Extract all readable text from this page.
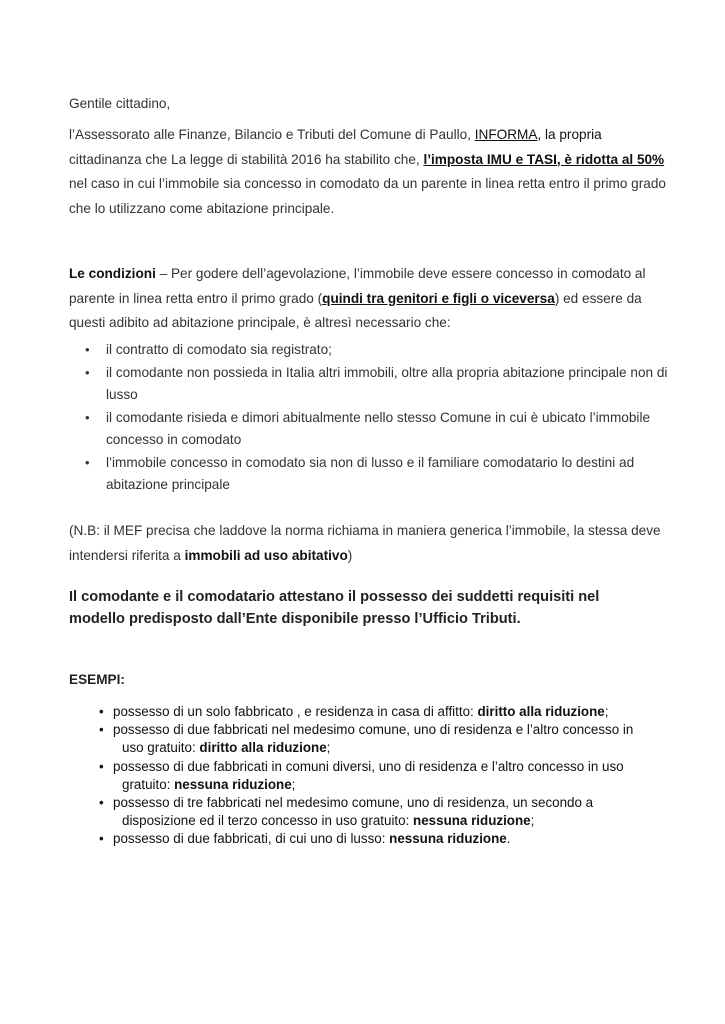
Gentile cittadino,

l’Assessorato alle Finanze, Bilancio e Tributi del Comune di Paullo, INFORMA, la propria
cittadinanza che La legge di stabilità 2016 ha stabilito che, l’imposta IMU e TASI, è ridotta al 50% nel caso in cui l’immobile sia concesso in comodato da un parente in linea retta entro il primo grado che lo utilizzano come abitazione principale.

Le condizioni – Per godere dell’agevolazione, l’immobile deve essere concesso in comodato al parente in linea retta entro il primo grado (quindi tra genitori e figli o viceversa) ed essere da questi adibito ad abitazione principale, è altresì necessario che:

• il contratto di comodato sia registrato;
• il comodante non possieda in Italia altri immobili, oltre alla propria abitazione principale non di lusso
• il comodante risieda e dimori abitualmente nello stesso Comune in cui è ubicato l’immobile concesso in comodato
• l’immobile concesso in comodato sia non di lusso e il familiare comodatario lo destini ad abitazione principale

(N.B: il MEF precisa che laddove la norma richiama in maniera generica l’immobile, la stessa deve intendersi riferita a immobili ad uso abitativo)

Il comodante e il comodatario attestano il possesso dei suddetti requisiti nel
modello predisposto dall’Ente disponibile presso l’Ufficio Tributi.

ESEMPI:

• possesso di un solo fabbricato , e residenza in casa di affitto: diritto alla riduzione;
• possesso di due fabbricati nel medesimo comune, uno di residenza e l’altro concesso in
uso gratuito: diritto alla riduzione;
• possesso di due fabbricati in comuni diversi, uno di residenza e l’altro concesso in uso
gratuito: nessuna riduzione;
• possesso di tre fabbricati nel medesimo comune, uno di residenza, un secondo a
disposizione ed il terzo concesso in uso gratuito: nessuna riduzione;
• possesso di due fabbricati, di cui uno di lusso: nessuna riduzione.
